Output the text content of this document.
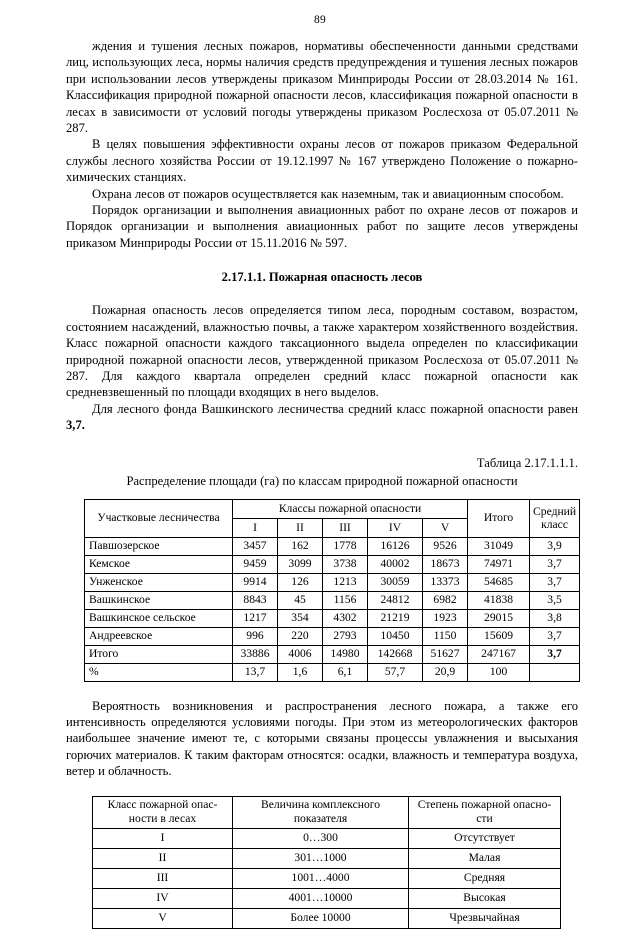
89

ждения и тушения лесных пожаров, нормативы обеспеченности данными средствами лиц, использующих леса, нормы наличия средств предупреждения и тушения лесных пожаров при использовании лесов утверждены приказом Минприроды России от 28.03.2014 № 161. Классификация природной пожарной опасности лесов, классификация пожарной опасности в лесах в зависимости от условий погоды утверждены приказом Рослесхоза от 05.07.2011 № 287.

В целях повышения эффективности охраны лесов от пожаров приказом Федеральной службы лесного хозяйства России от 19.12.1997 № 167 утверждено Положение о пожарно-химических станциях.

Охрана лесов от пожаров осуществляется как наземным, так и авиационным способом.

Порядок организации и выполнения авиационных работ по охране лесов от пожаров и Порядок организации и выполнения авиационных работ по защите лесов утверждены приказом Минприроды России от 15.11.2016 № 597.

2.17.1.1. Пожарная опасность лесов

Пожарная опасность лесов определяется типом леса, породным составом, возрастом, состоянием насаждений, влажностью почвы, а также характером хозяйственного воздействия. Класс пожарной опасности каждого таксационного выдела определен по классификации природной пожарной опасности лесов, утвержденной приказом Рослесхоза от 05.07.2011 № 287. Для каждого квартала определен средний класс пожарной опасности как средневзвешенный по площади входящих в него выделов.

Для лесного фонда Вашкинского лесничества средний класс пожарной опасности равен 3,7.

Таблица 2.17.1.1.1.
Распределение площади (га) по классам природной пожарной опасности
Участковые лесничества	Классы пожарной опасности					Итого	Средний
класс
	I	II	III	IV	V		
Павшозерское	3457	162	1778	16126	9526	31049	3,9
Кемское	9459	3099	3738	40002	18673	74971	3,7
Унженское	9914	126	1213	30059	13373	54685	3,7
Вашкинское	8843	45	1156	24812	6982	41838	3,5
Вашкинское сельское	1217	354	4302	21219	1923	29015	3,8
Андреевское	996	220	2793	10450	1150	15609	3,7
Итого	33886	4006	14980	142668	51627	247167	3,7
%	13,7	1,6	6,1	57,7	20,9	100	

Вероятность возникновения и распространения лесного пожара, а также его интенсивность определяются условиями погоды. При этом из метеорологических факторов наибольшее значение имеют те, с которыми связаны процессы увлажнения и высыхания горючих материалов. К таким факторам относятся: осадки, влажность и температура воздуха, ветер и облачность.

Класс пожарной опас-
ности в лесах	Величина комплексного
показателя	Степень пожарной опасно-
сти
I	0…300	Отсутствует
II	301…1000	Малая
III	1001…4000	Средняя
IV	4001…10000	Высокая
V	Более 10000	Чрезвычайная
